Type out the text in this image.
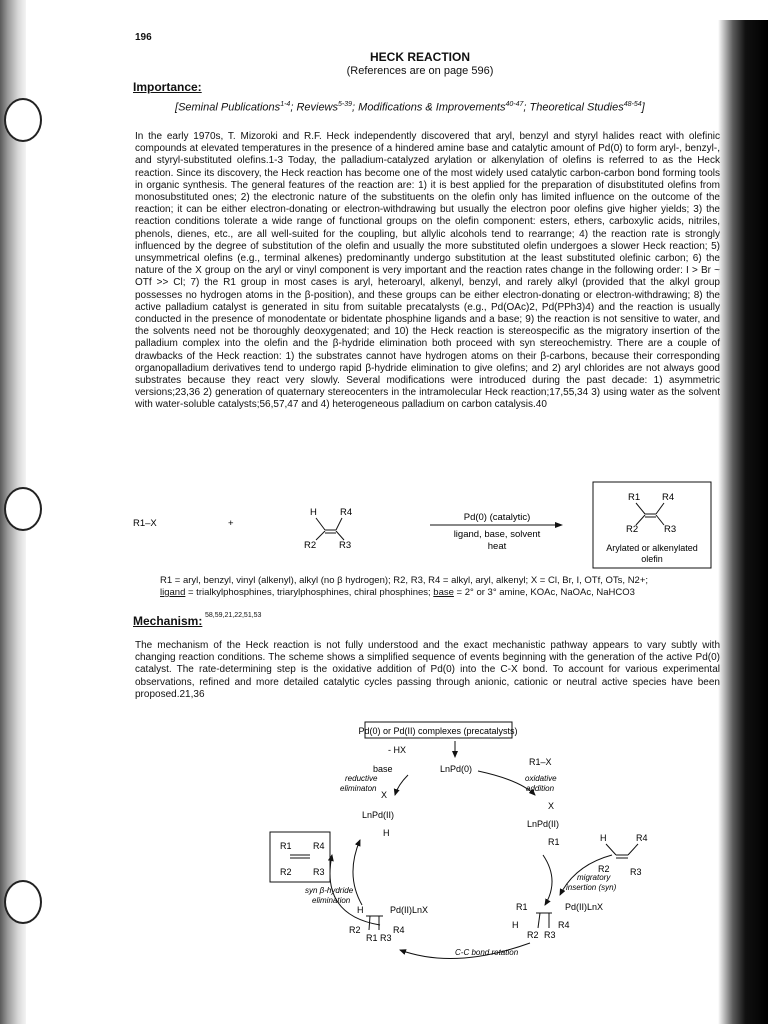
196
HECK REACTION
(References are on page 596)
Importance:
[Seminal Publications$^{1-4}$; Reviews$^{5-39}$; Modifications & Improvements$^{40-47}$; Theoretical Studies$^{48-54}$]
In the early 1970s, T. Mizoroki and R.F. Heck independently discovered that aryl, benzyl and styryl halides react with olefinic compounds at elevated temperatures in the presence of a hindered amine base and catalytic amount of Pd(0) to form aryl-, benzyl-, and styryl-substituted olefins.1-3 Today, the palladium-catalyzed arylation or alkenylation of olefins is referred to as the Heck reaction. Since its discovery, the Heck reaction has become one of the most widely used catalytic carbon-carbon bond forming tools in organic synthesis. The general features of the reaction are: 1) it is best applied for the preparation of disubstituted olefins from monosubstituted ones; 2) the electronic nature of the substituents on the olefin only has limited influence on the outcome of the reaction; it can be either electron-donating or electron-withdrawing but usually the electron poor olefins give higher yields; 3) the reaction conditions tolerate a wide range of functional groups on the olefin component: esters, ethers, carboxylic acids, nitriles, phenols, dienes, etc., are all well-suited for the coupling, but allylic alcohols tend to rearrange; 4) the reaction rate is strongly influenced by the degree of substitution of the olefin and usually the more substituted olefin undergoes a slower Heck reaction; 5) unsymmetrical olefins (e.g., terminal alkenes) predominantly undergo substitution at the least substituted olefinic carbon; 6) the nature of the X group on the aryl or vinyl component is very important and the reaction rates change in the following order: I > Br ~ OTf >> Cl; 7) the R1 group in most cases is aryl, heteroaryl, alkenyl, benzyl, and rarely alkyl (provided that the alkyl group possesses no hydrogen atoms in the β-position), and these groups can be either electron-donating or electron-withdrawing; 8) the active palladium catalyst is generated in situ from suitable precatalysts (e.g., Pd(OAc)2, Pd(PPh3)4) and the reaction is usually conducted in the presence of monodentate or bidentate phosphine ligands and a base; 9) the reaction is not sensitive to water, and the solvents need not be thoroughly deoxygenated; and 10) the Heck reaction is stereospecific as the migratory insertion of the palladium complex into the olefin and the β-hydride elimination both proceed with syn stereochemistry. There are a couple of drawbacks of the Heck reaction: 1) the substrates cannot have hydrogen atoms on their β-carbons, because their corresponding organopalladium derivatives tend to undergo rapid β-hydride elimination to give olefins; and 2) aryl chlorides are not always good substrates because they react very slowly. Several modifications were introduced during the past decade: 1) asymmetric versions;23,36 2) generation of quaternary stereocenters in the intramolecular Heck reaction;17,55,34 3) using water as the solvent with water-soluble catalysts;56,57,47 and 4) heterogeneous palladium on carbon catalysis.40
R1–X	+
H R4
R2 R3
Pd(0) (catalytic)
ligand, base, solvent
heat
R1 R4
R2	R3
Arylated or alkenylated
olefin
R1 = aryl, benzyl, vinyl (alkenyl), alkyl (no β hydrogen); R2, R3, R4 = alkyl, aryl, alkenyl; X = Cl, Br, I, OTf, OTs, N2+;
ligand = trialkylphosphines, triarylphosphines, chiral phosphines; base = 2° or 3° amine, KOAc, NaOAc, NaHCO3
Mechanism: 58,59,21,22,51,53
The mechanism of the Heck reaction is not fully understood and the exact mechanistic pathway appears to vary subtly with changing reaction conditions. The scheme shows a simplified sequence of events beginning with the generation of the active Pd(0) catalyst. The rate-determining step is the oxidative addition of Pd(0) into the C-X bond. To account for various experimental observations, refined and more detailed catalytic cycles passing through anionic, cationic or neutral active species have been proposed.21,36
Pd(0) or Pd(II) complexes (precatalysts)
- HX
base	LnPd(0)
R1–X
reductive
eliminaton
oxidative
addition
X
LnPd(II)
H
X
LnPd(II)
R1	H	R4
R2 R3
migratory
insertion (syn)
R1	Pd(II)LnX
H
R2 R3
R4
C-C bond rotation
H	Pd(II)LnX
R2
R1 R3
R4
syn β-hydride
elimination
R1 R4
R2 R3
